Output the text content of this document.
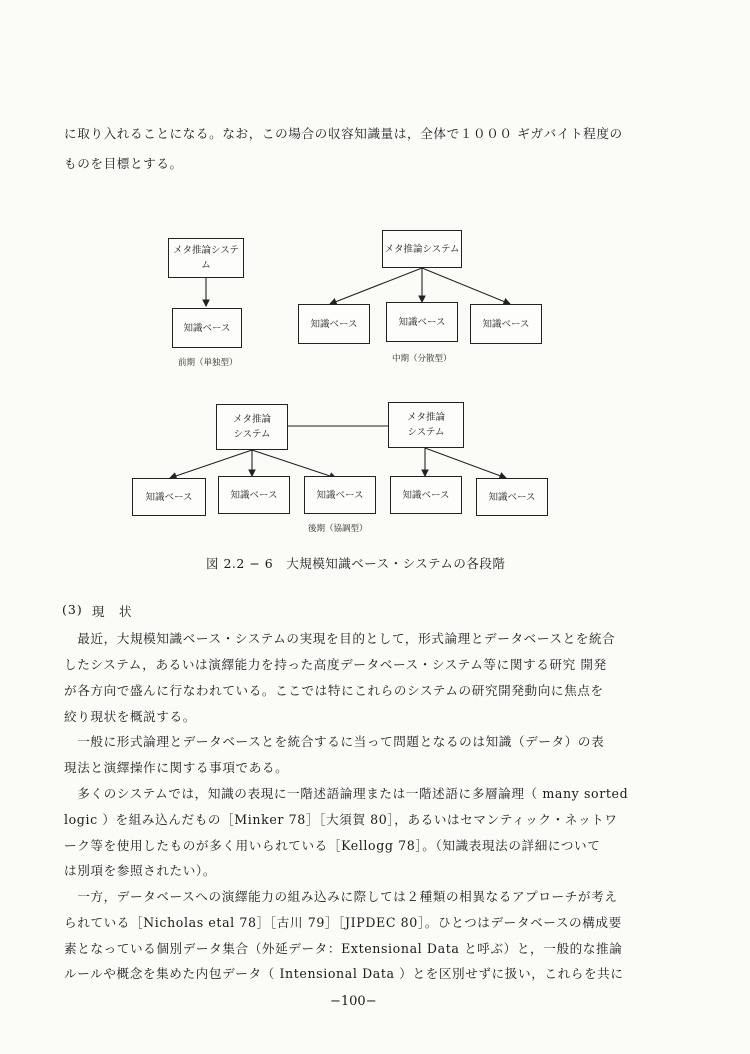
に取り入れることになる。なお，この場合の収容知識量は，全体で１０００ ギガバイト程度の
ものを目標とする。
メタ推論システム
知識ベース
前期（単独型）
メタ推論システム
知識ベース	知識ベース	知識ベース
中期（分散型）
メタ推論
システム
メタ推論
システム
知識ベース	知識ベース	知識ベース	知識ベース	知識ベース
後期（協調型）
図 2.2 − 6　大規模知識ベース・システムの各段階
(3) 現　状
　最近，大規模知識ベース・システムの実現を目的として，形式論理とデータベースとを統合
したシステム，あるいは演繹能力を持った高度データベース・システム等に関する研究 開発
が各方向で盛んに行なわれている。ここでは特にこれらのシステムの研究開発動向に焦点を
絞り現状を概説する。
　一般に形式論理とデータベースとを統合するに当って問題となるのは知識（データ）の表
現法と演繹操作に関する事項である。
　多くのシステムでは，知識の表現に一階述語論理または一階述語に多層論理（ many sorted
logic ）を組み込んだもの［Minker 78］［大須賀 80］，あるいはセマンティック・ネットワ
ーク等を使用したものが多く用いられている［Kellogg 78］。（知識表現法の詳細について
は別項を参照されたい）。
　一方，データベースへの演繹能力の組み込みに際しては２種類の相異なるアプローチが考え
られている［Nicholas etal 78］［古川 79］［JIPDEC 80］。ひとつはデータベースの構成要
素となっている個別データ集合（外延データ：Extensional Data と呼ぶ）と，一般的な推論
ルールや概念を集めた内包データ（ Intensional Data ）とを区別せずに扱い，これらを共に
−100−
